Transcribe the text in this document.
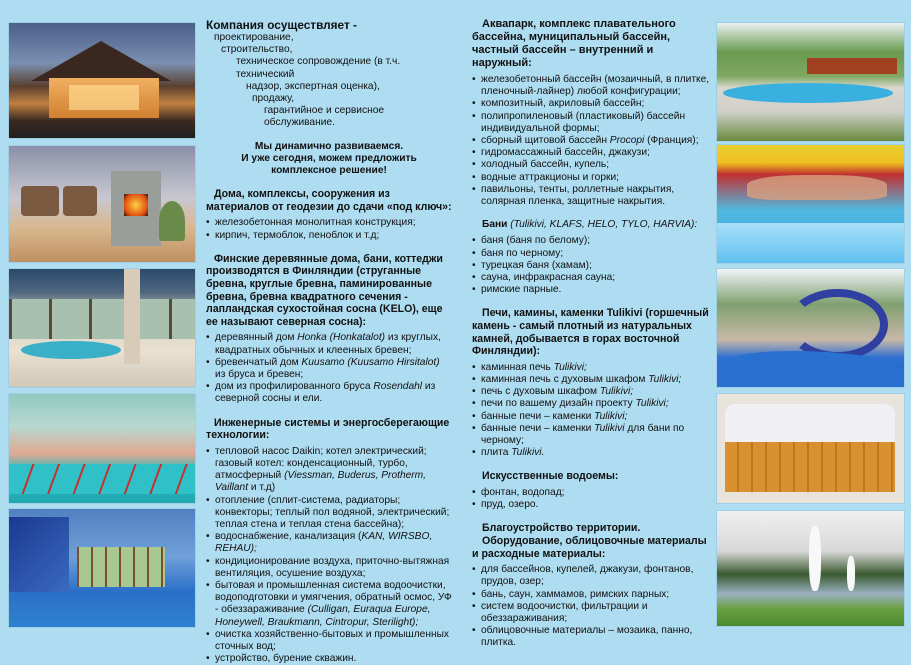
Компания осуществляет -
проектирование,
строительство,
техническое сопровождение (в т.ч. технический
надзор, экспертная оценка),
продажу,
гарантийное и сервисное обслуживание.
Мы динамично развиваемся.
И уже сегодня, можем предложить
комплексное решение!
Дома, комплексы, сооружения из материалов от геодезии до сдачи «под ключ»:
• железобетонная монолитная конструкция;
• кирпич, термоблок, пеноблок и т.д;
Финские деревянные дома, бани, коттеджи производятся в Финляндии (струганные бревна, круглые бревна, паминированные бревна, бревна квадратного сечения - лапландская сухостойная сосна (KELO), еще ее называют северная сосна):
• деревянный дом Honka (Honkatalot) из круглых, квадратных обычных и клеенных бревен;
• бревенчатый дом Kuusamo (Kuusamo Hirsitalot) из бруса и бревен;
• дом из профилированного бруса Rosendahl из северной сосны и ели.
Инженерные системы и энергосберегающие технологии:
• тепловой насос Daikin; котел электрический; газовый котел: конденсационный, турбо, атмосферный (Viessman, Buderus, Protherm, Vaillant и т.д)
• отопление (сплит-система, радиаторы; конвекторы; теплый пол водяной, электрический; теплая стена и теплая стена бассейна);
• водоснабжение, канализация (KAN, WIRSBO, REHAU);
• кондиционирование воздуха, приточно-вытяжная вентиляция, осушение воздуха;
• бытовая и промышленная система водоочистки, водоподготовки и умягчения, обратный осмос, УФ - обеззараживание (Culligan, Euraqua Europe, Honeywell, Braukmann, Cintropur, Sterilight);
• очистка хозяйственно-бытовых и промышленных сточных вод;
• устройство, бурение скважин.
Аквапарк, комплекс плавательного бассейна, муниципальный бассейн, частный бассейн – внутренний и наружный:
• железобетонный бассейн (мозаичный, в плитке, пленочный-лайнер) любой конфигурации;
• композитный, акриловый бассейн;
• полипропиленовый (пластиковый) бассейн индивидуальной формы;
• сборный щитовой бассейн Procopi (Франция);
• гидромассажный бассейн, джакузи;
• холодный бассейн, купель;
• водные аттракционы и горки;
• павильоны, тенты, роллетные накрытия, солярная пленка, защитные накрытия.
Бани (Tulikivi, KLAFS, HELO, TYLO, HARVIA):
• баня (баня по белому);
• баня по черному;
• турецкая баня (хамам);
• сауна, инфракрасная сауна;
• римские парные.
Печи, камины, каменки Tulikivi (горшечный камень - самый плотный из натуральных камней, добывается в горах восточной Финляндии):
• каминная печь Tulikivi;
• каминная печь с духовым шкафом Tulikivi;
• печь с духовым шкафом Tulikivi;
• печи по вашему дизайн проекту Tulikivi;
• банные печи – каменки Tulikivi;
• банные печи – каменки Tulikivi для бани по черному;
• плита Tulikivi.
Искусственные водоемы:
• фонтан, водопад;
• пруд, озеро.
Благоустройство территории.
Оборудование, облицовочные материалы и расходные материалы:
• для бассейнов, купелей, джакузи, фонтанов, прудов, озер;
• бань, саун, хаммамов, римских парных;
• систем водоочистки, фильтрации и обеззараживания;
• облицовочные материалы – мозаика, панно, плитка.
